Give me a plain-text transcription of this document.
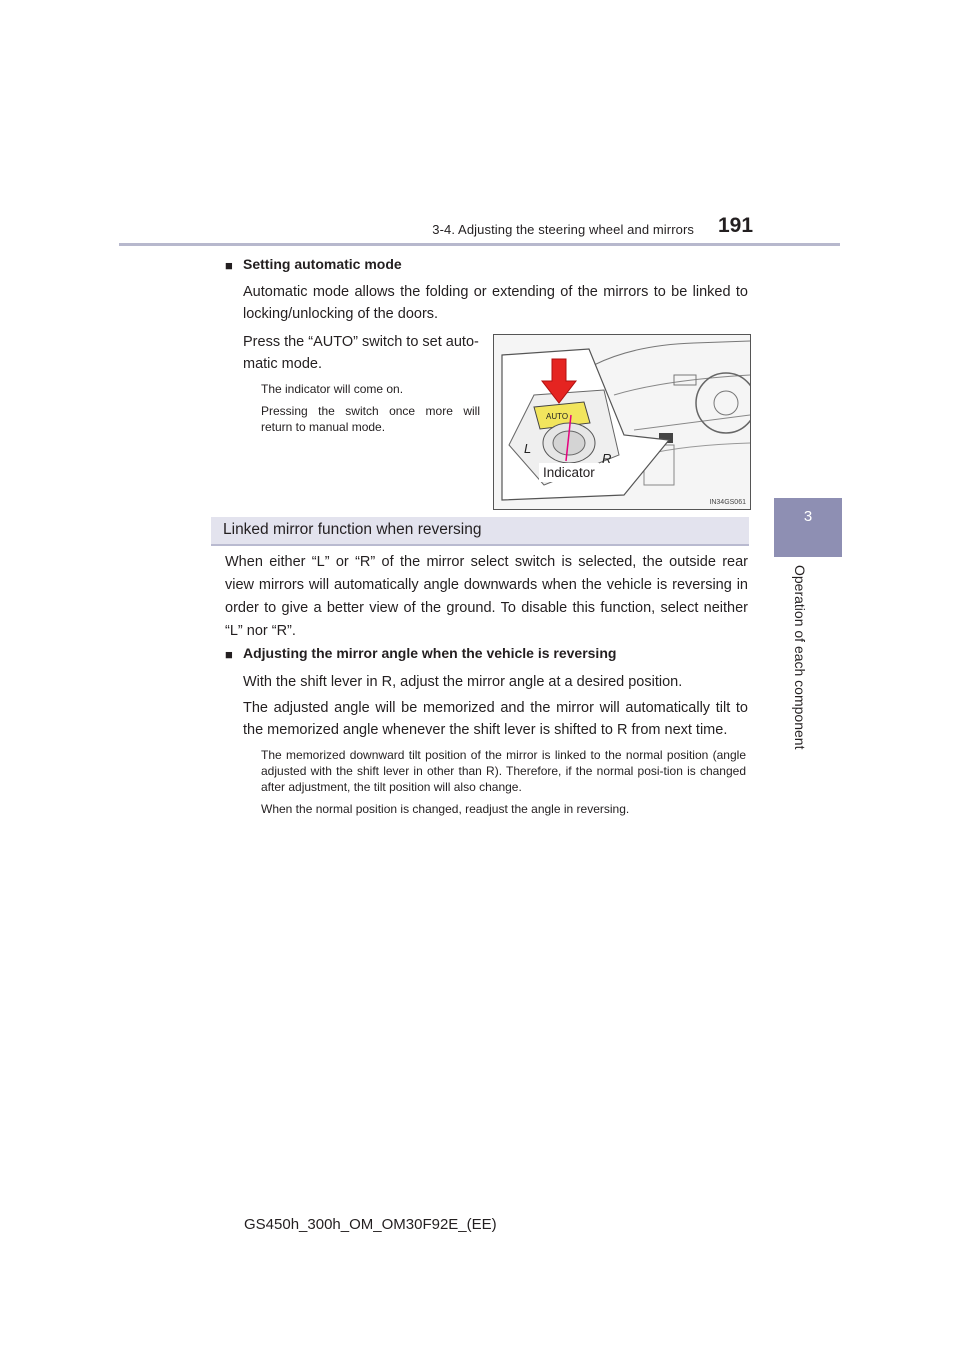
3-4. Adjusting the steering wheel and mirrors 191
3
Operation of each component
■ Setting automatic mode
Automatic mode allows the folding or extending of the mirrors to be linked to locking/unlocking of the doors.
Press the “AUTO” switch to set auto-
matic mode.
The indicator will come on.
Pressing the switch once more will
return to manual mode.
AUTO
L
R
Indicator
IN34GS061
Linked mirror function when reversing
When either “L” or “R” of the mirror select switch is selected, the outside rear view mirrors will automatically angle downwards when the vehicle is reversing in order to give a better view of the ground. To disable this function, select neither “L” nor “R”.
■ Adjusting the mirror angle when the vehicle is reversing
With the shift lever in R, adjust the mirror angle at a desired position.
The adjusted angle will be memorized and the mirror will automatically tilt to the memorized angle whenever the shift lever is shifted to R from next time.
The memorized downward tilt position of the mirror is linked to the normal position (angle adjusted with the shift lever in other than R). Therefore, if the normal posi-tion is changed after adjustment, the tilt position will also change.
When the normal position is changed, readjust the angle in reversing.
GS450h_300h_OM_OM30F92E_(EE)
